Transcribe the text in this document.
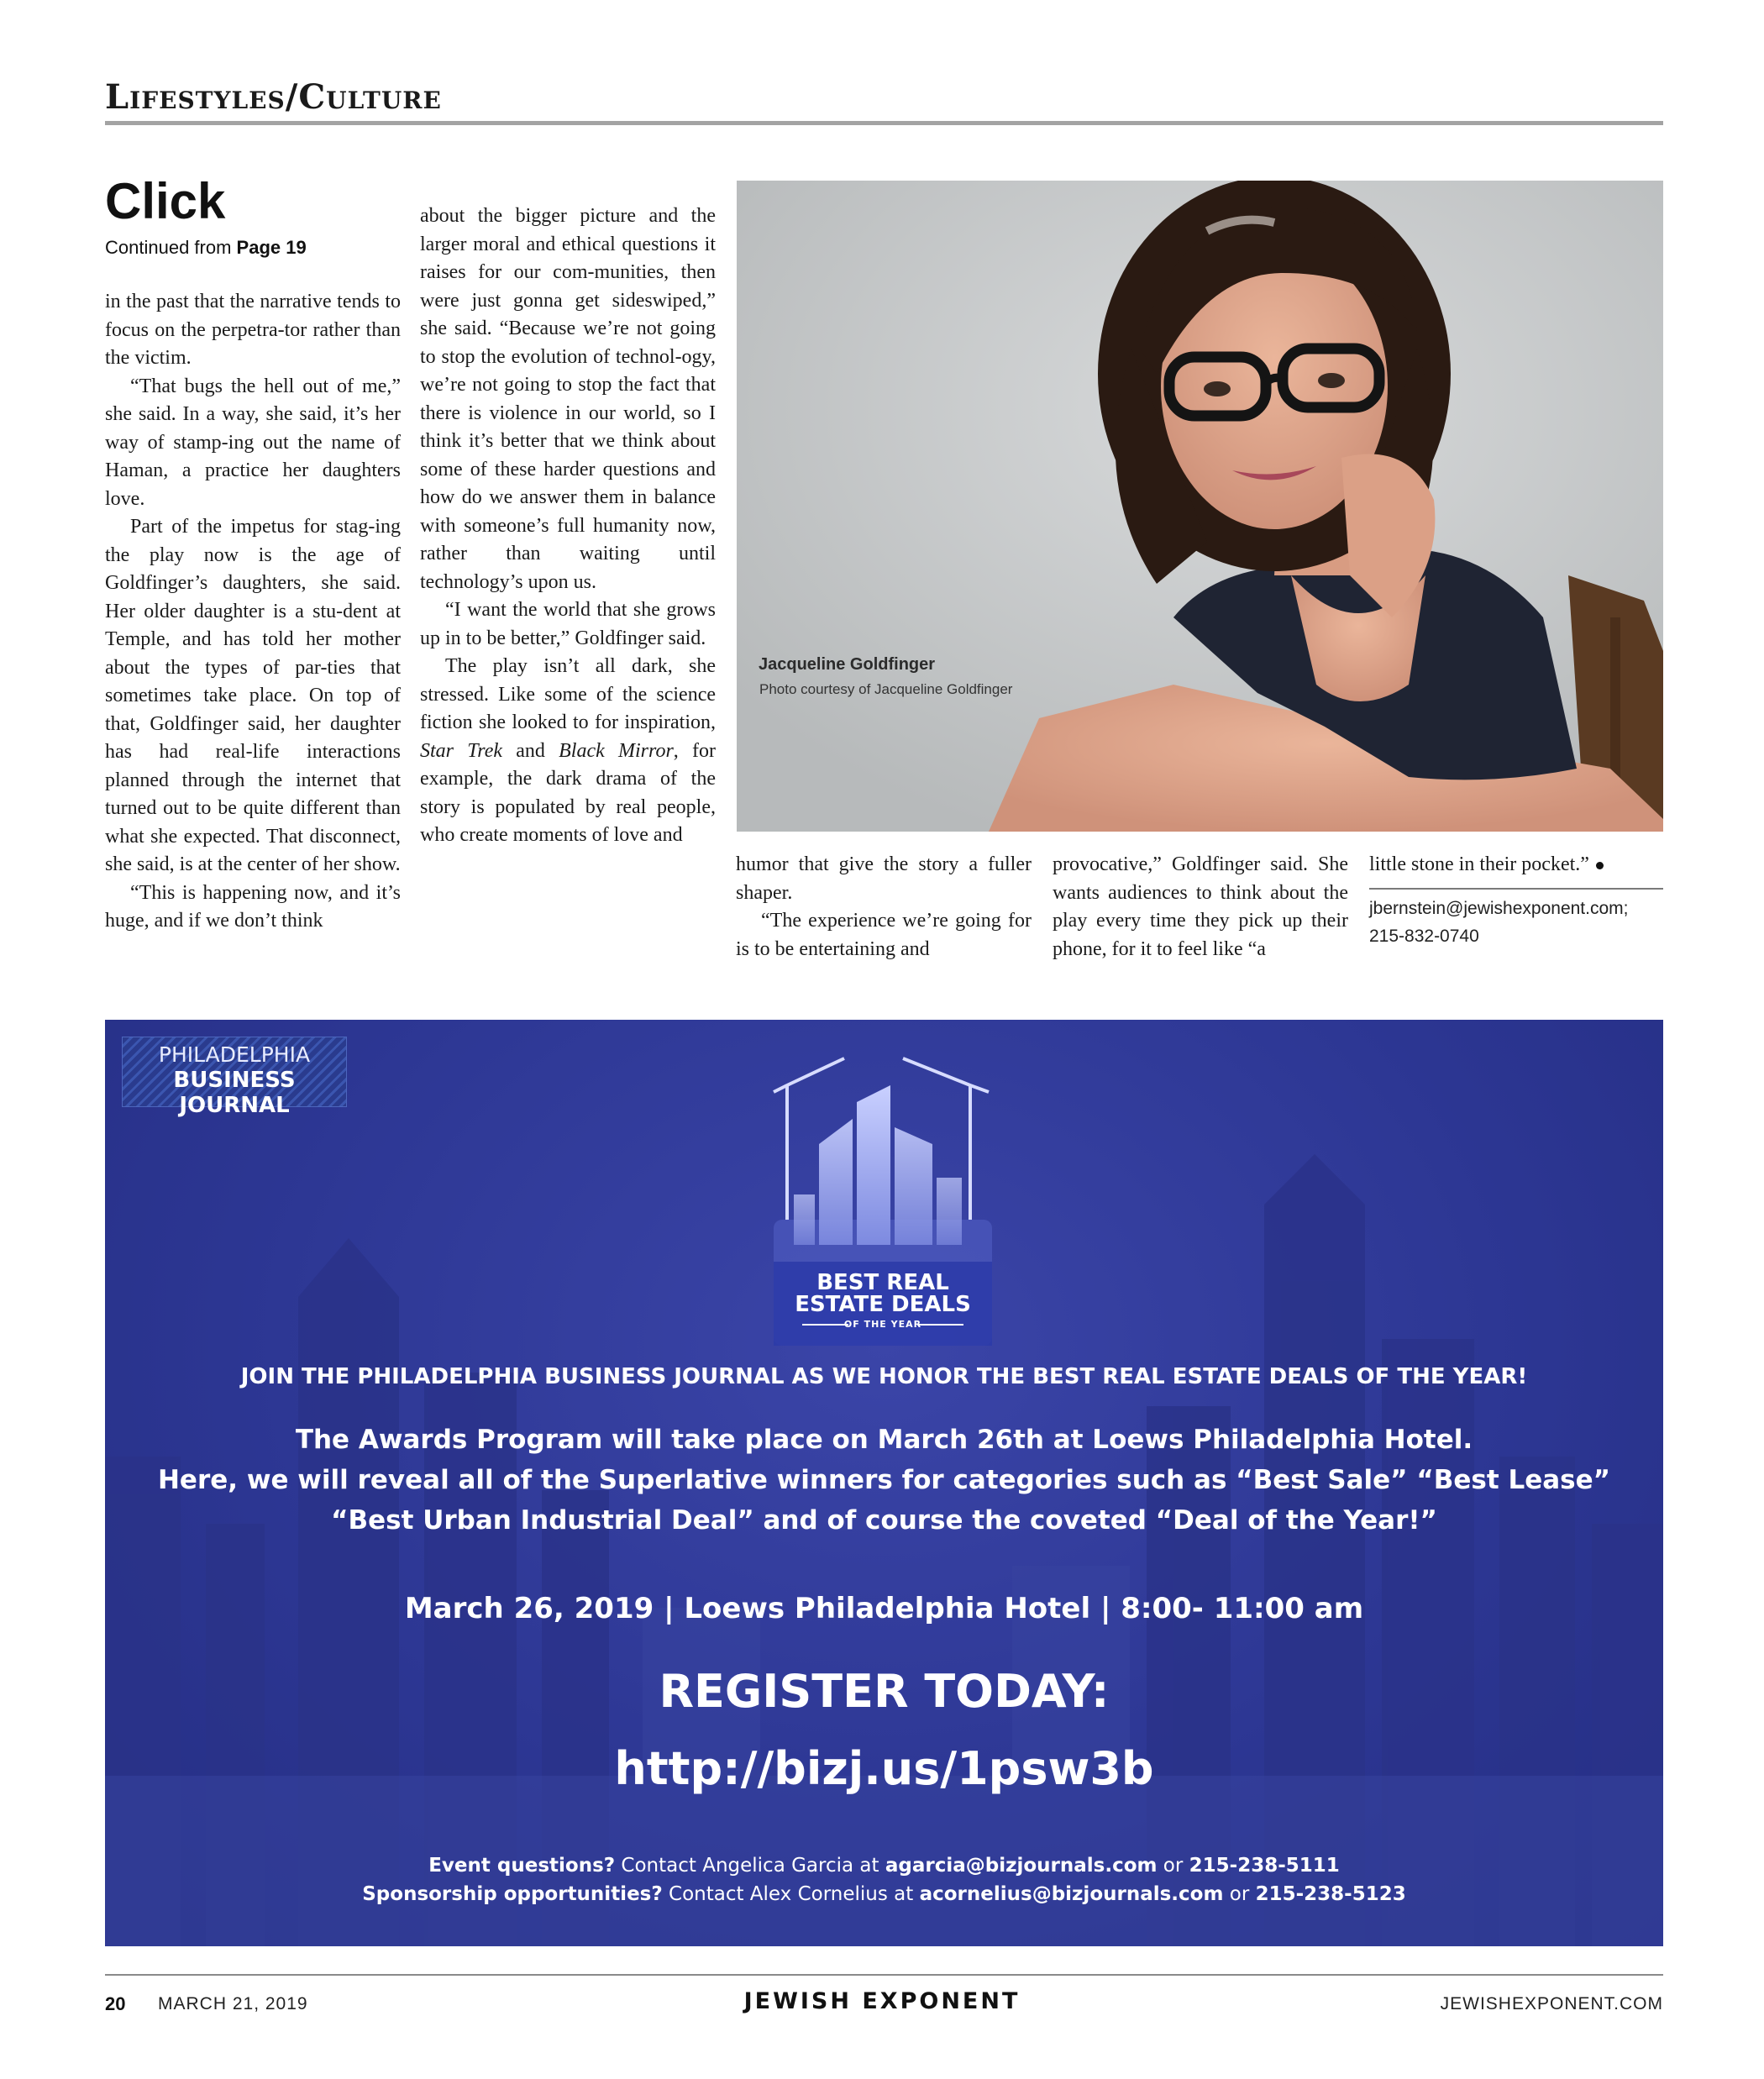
Lifestyles/Culture
Click
Continued from Page 19

in the past that the narrative tends to focus on the perpetra-tor rather than the victim.

“That bugs the hell out of me,” she said. In a way, she said, it’s her way of stamp-ing out the name of Haman, a practice her daughters love.

Part of the impetus for stag-ing the play now is the age of Goldfinger’s daughters, she said. Her older daughter is a stu-dent at Temple, and has told her mother about the types of par-ties that sometimes take place. On top of that, Goldfinger said, her daughter has had real-life interactions planned through the internet that turned out to be quite different than what she expected. That disconnect, she said, is at the center of her show.

“This is happening now, and it’s huge, and if we don’t think

about the bigger picture and the larger moral and ethical questions it raises for our com-munities, then were just gonna get sideswiped,” she said. “Because we’re not going to stop the evolution of technol-ogy, we’re not going to stop the fact that there is violence in our world, so I think it’s better that we think about some of these harder questions and how do we answer them in balance with someone’s full humanity now, rather than waiting until technology’s upon us.

“I want the world that she grows up in to be better,” Goldfinger said.

The play isn’t all dark, she stressed. Like some of the science fiction she looked to for inspiration, Star Trek and Black Mirror, for example, the dark drama of the story is populated by real people, who create moments of love and

Jacqueline Goldfinger
Photo courtesy of Jacqueline Goldfinger

humor that give the story a fuller shaper.

“The experience we’re going for is to be entertaining and

provocative,” Goldfinger said. She wants audiences to think about the play every time they pick up their phone, for it to feel like “a

little stone in their pocket.”

jbernstein@jewishexponent.com;
215-832-0740
PHILADELPHIA
BUSINESS JOURNAL
BEST REAL
ESTATE DEALS
OF THE YEAR
JOIN THE PHILADELPHIA BUSINESS JOURNAL AS WE HONOR THE BEST REAL ESTATE DEALS OF THE YEAR!
The Awards Program will take place on March 26th at Loews Philadelphia Hotel.
Here, we will reveal all of the Superlative winners for categories such as “Best Sale” “Best Lease”
“Best Urban Industrial Deal” and of course the coveted “Deal of the Year!”
March 26, 2019 | Loews Philadelphia Hotel | 8:00- 11:00 am
REGISTER TODAY:
http://bizj.us/1psw3b
Event questions? Contact Angelica Garcia at agarcia@bizjournals.com or 215-238-5111
Sponsorship opportunities? Contact Alex Cornelius at acornelius@bizjournals.com or 215-238-5123
20 MARCH 21, 2019	JEWISH EXPONENT	JEWISHEXPONENT.COM
